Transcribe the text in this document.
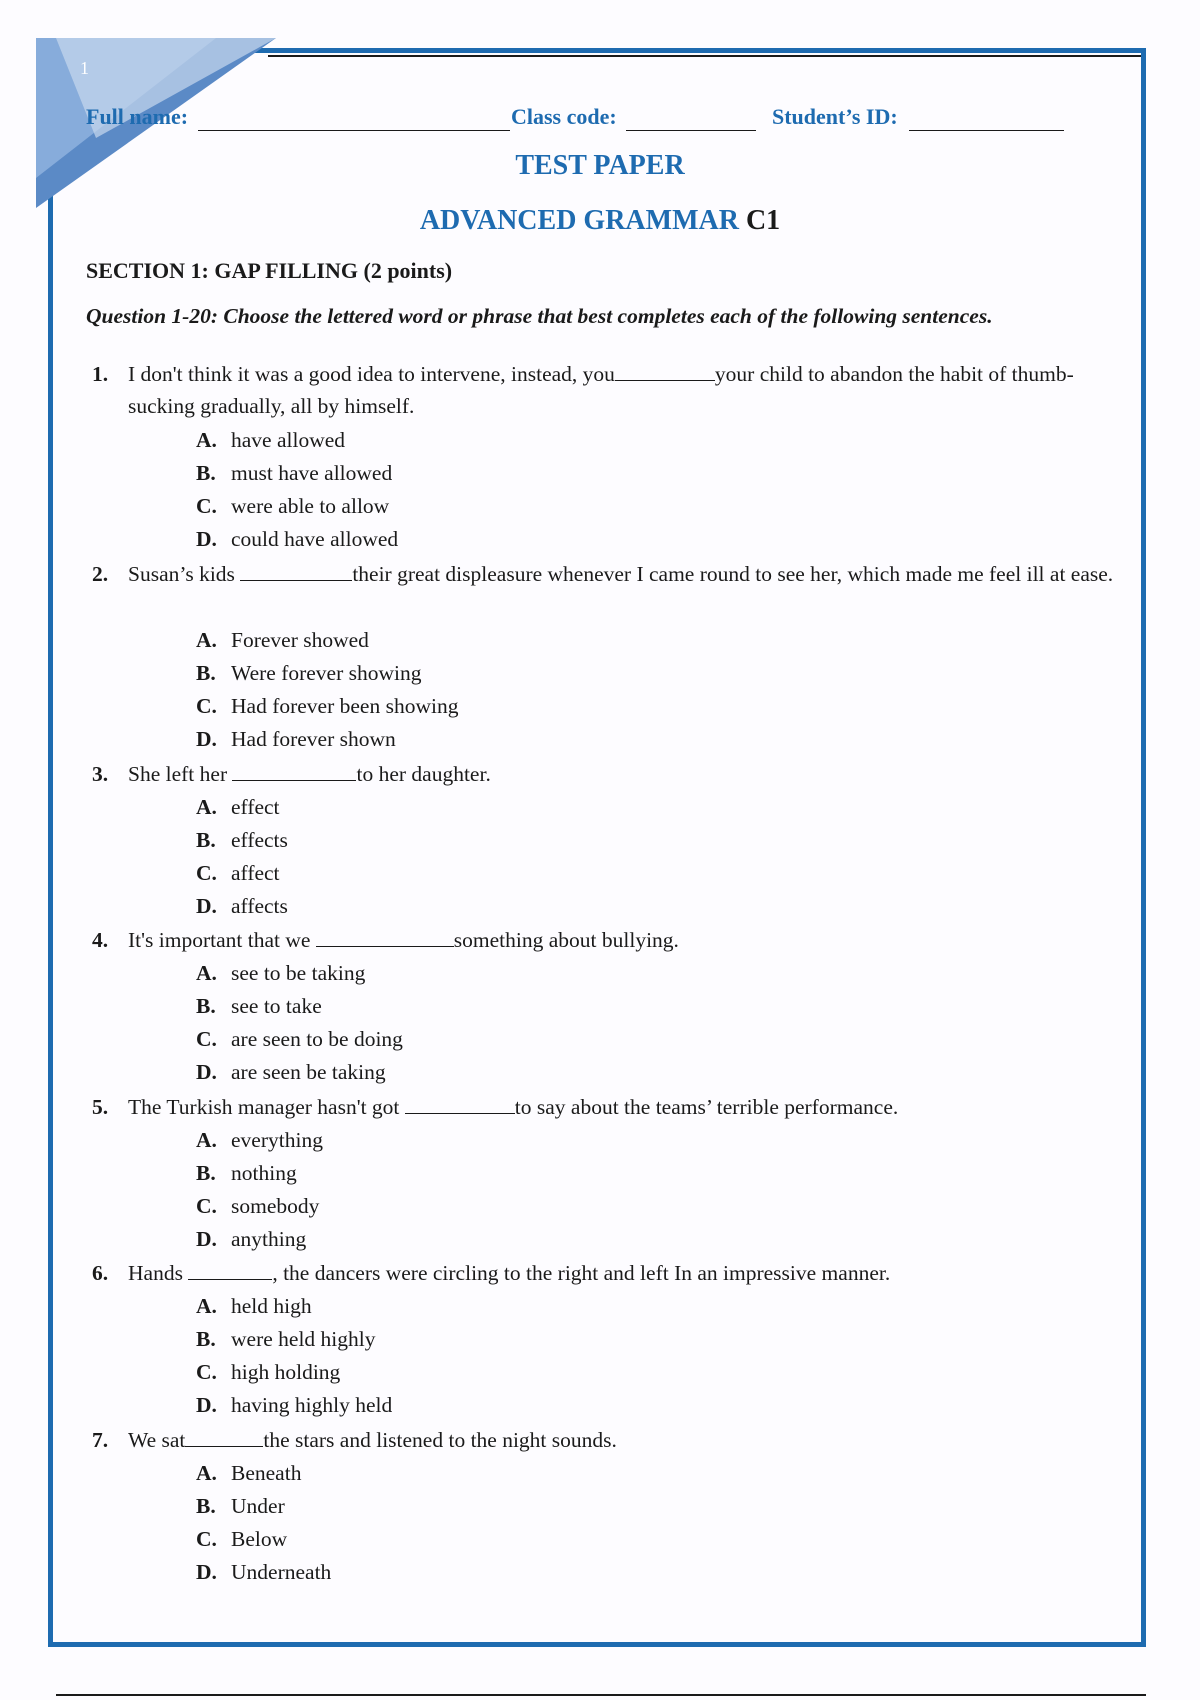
1
Full name:	Class code:	Student’s ID:
TEST PAPER
ADVANCED GRAMMAR C1
SECTION 1: GAP FILLING (2 points)
Question 1-20: Choose the lettered word or phrase that best completes each of the following sentences.
1. I don't think it was a good idea to intervene, instead, you	your child to abandon the habit of thumb-sucking gradually, all by himself.
A. have allowed
B. must have allowed
C. were able to allow
D. could have allowed
2. Susan’s kids	their great displeasure whenever I came round to see her, which made me feel ill at ease.
A. Forever showed
B. Were forever showing
C. Had forever been showing
D. Had forever shown
3. She left her	to her daughter.
A. effect
B. effects
C. affect
D. affects
4. It's important that we	something about bullying.
A. see to be taking
B. see to take
C. are seen to be doing
D. are seen be taking
5. The Turkish manager hasn't got	to say about the teams’ terrible performance.
A. everything
B. nothing
C. somebody
D. anything
6. Hands	, the dancers were circling to the right and left In an impressive manner.
A. held high
B. were held highly
C. high holding
D. having highly held
7. We sat	the stars and listened to the night sounds.
A. Beneath
B. Under
C. Below
D. Underneath
